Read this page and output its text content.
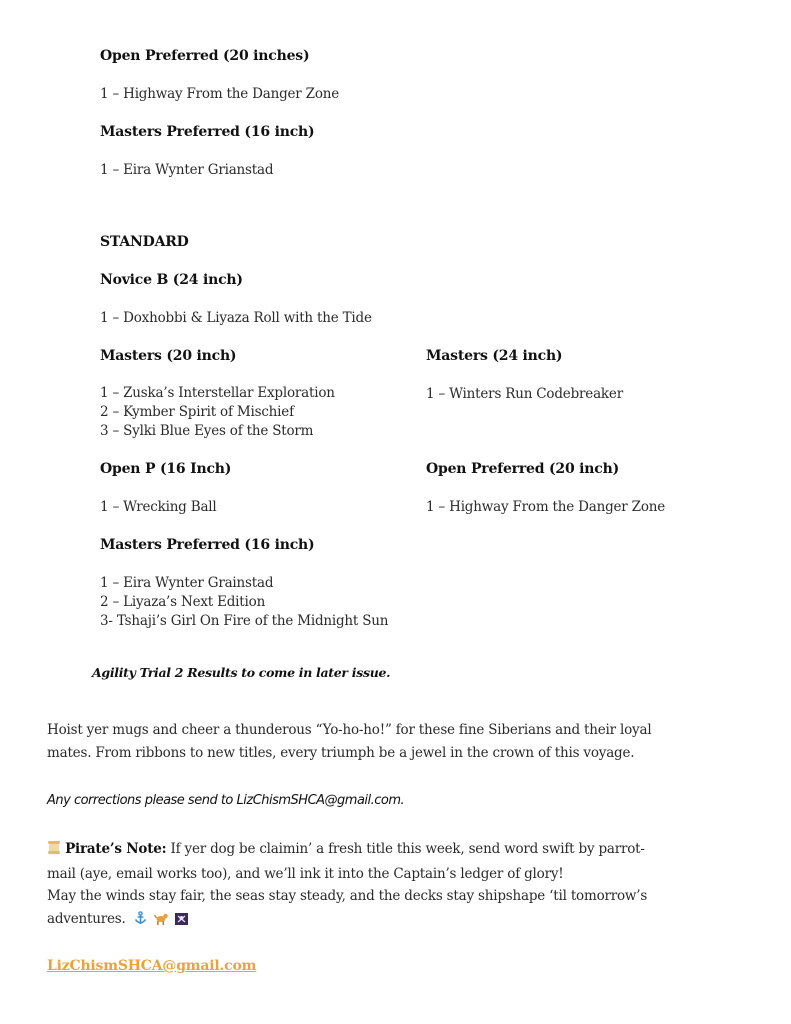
Open Preferred (20 inches)
1 – Highway From the Danger Zone
Masters Preferred (16 inch)
1 – Eira Wynter Grianstad
STANDARD
Novice B (24 inch)
1 – Doxhobbi & Liyaza Roll with the Tide
Masters (20 inch)
1 – Zuska’s Interstellar Exploration
2 – Kymber Spirit of Mischief
3 – Sylki Blue Eyes of the Storm
Masters (24 inch)
1 – Winters Run Codebreaker
Open P (16 Inch)
1 – Wrecking Ball
Open Preferred (20 inch)
1 – Highway From the Danger Zone
Masters Preferred (16 inch)
1 – Eira Wynter Grainstad
2 – Liyaza’s Next Edition
3- Tshaji’s Girl On Fire of the Midnight Sun
Agility Trial 2 Results to come in later issue.
Hoist yer mugs and cheer a thunderous “Yo-ho-ho!” for these fine Siberians and their loyal
mates. From ribbons to new titles, every triumph be a jewel in the crown of this voyage.
Any corrections please send to LizChismSHCA@gmail.com.
Pirate’s Note: If yer dog be claimin’ a fresh title this week, send word swift by parrot-
mail (aye, email works too), and we’ll ink it into the Captain’s ledger of glory!
May the winds stay fair, the seas stay steady, and the decks stay shipshape ‘til tomorrow’s
adventures.
LizChismSHCA@gmail.com
